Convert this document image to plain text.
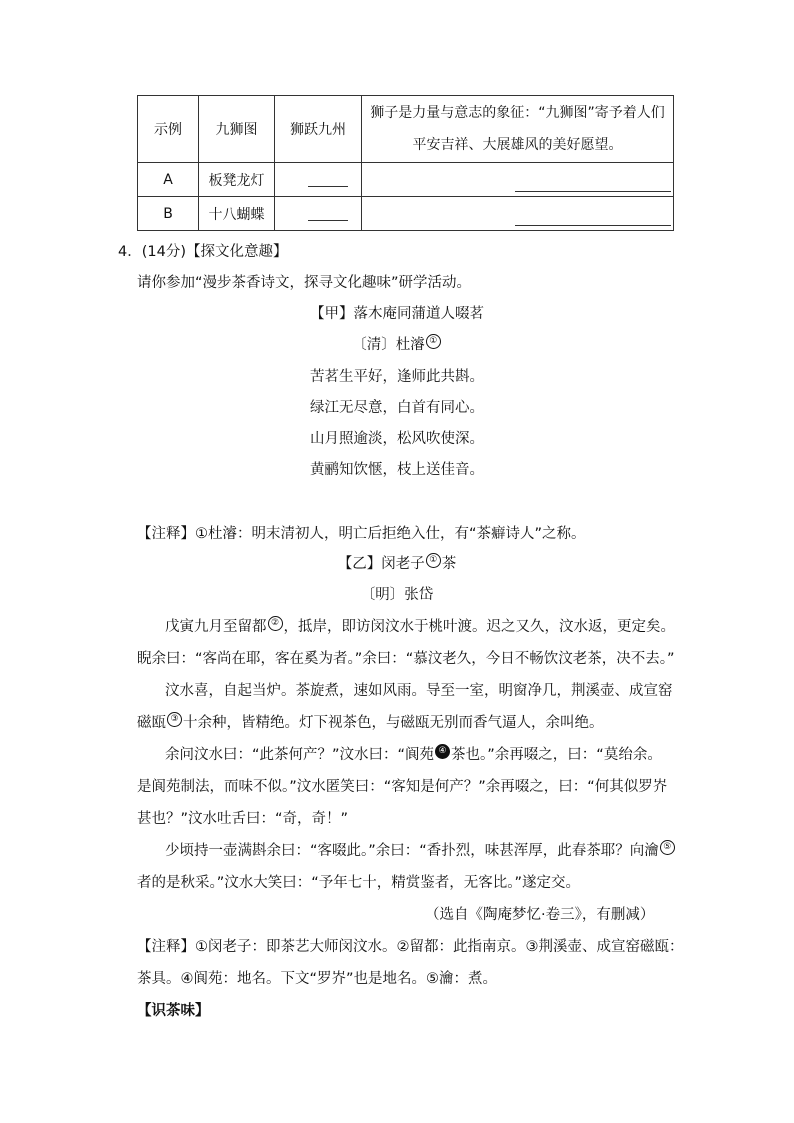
示例	九狮图	狮跃九州	狮子是力量与意志的象征：“九狮图”寄予着人们平安吉祥、大展雄风的美好愿望。
A	板凳龙灯		

B	十八蝴蝶		
4．(14分)【探文化意趣】
请你参加“漫步茶香诗文，探寻文化趣味”研学活动。
【甲】落木庵同蒲道人啜茗
〔清〕杜濬 ①
苦茗生平好，逢师此共斟。
绿江无尽意，白首有同心。
山月照逾淡，松风吹使深。
黄鹂知饮惬，枝上送佳音。
【注释】①杜濬：明末清初人，明亡后拒绝入仕，有“茶癖诗人”之称。
【乙】闵老子 ① 茶
〔明〕张岱
戊寅九月至留都 ② ，抵岸，即访闵汶水于桃叶渡。迟之又久，汶水返，更定矣。
睨余曰：“客尚在耶，客在奚为者。”余曰：“慕汶老久，今日不畅饮汶老茶，决不去。”
汶水喜，自起当炉。茶旋煮，速如风雨。导至一室，明窗净几，荆溪壶、成宣窑
磁瓯 ③ 十余种，皆精绝。灯下视茶色，与磁瓯无别而香气逼人，余叫绝。
余问汶水曰：“此茶何产？”汶水曰：“阆苑 ④ 茶也。”余再啜之，曰：“莫绐余。
是阆苑制法，而味不似。”汶水匿笑曰：“客知是何产？”余再啜之，曰：“何其似罗岕
甚也？”汶水吐舌曰：“奇，奇！”
少顷持一壶满斟余曰：“客啜此。”余曰：“香扑烈，味甚浑厚，此春茶耶？向瀹 ⑤
者的是秋采。”汶水大笑曰：“予年七十，精赏鉴者，无客比。”遂定交。
（选自《陶庵梦忆·卷三》，有删减）
【注释】①闵老子：即茶艺大师闵汶水。②留都：此指南京。③荆溪壶、成宣窑磁瓯：
茶具。④阆苑：地名。下文“罗岕”也是地名。⑤瀹：煮。
【识茶味】
